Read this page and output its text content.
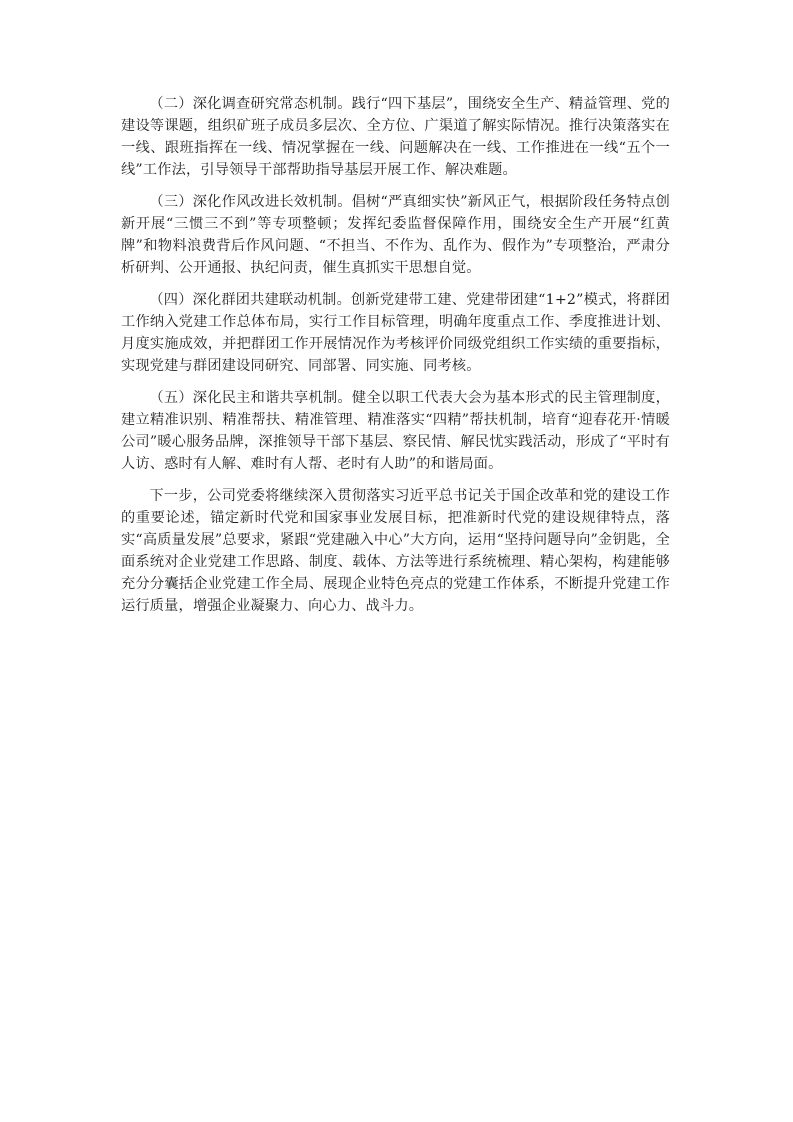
（二）深化调查研究常态机制。践行“四下基层”，围绕安全生产、精益管理、党的建设等课题，组织矿班子成员多层次、全方位、广渠道了解实际情况。推行决策落实在一线、跟班指挥在一线、情况掌握在一线、问题解决在一线、工作推进在一线“五个一线”工作法，引导领导干部帮助指导基层开展工作、解决难题。

（三）深化作风改进长效机制。倡树“严真细实快”新风正气，根据阶段任务特点创新开展“三惯三不到”等专项整顿；发挥纪委监督保障作用，围绕安全生产开展“红黄牌”和物料浪费背后作风问题、“不担当、不作为、乱作为、假作为”专项整治，严肃分析研判、公开通报、执纪问责，催生真抓实干思想自觉。

（四）深化群团共建联动机制。创新党建带工建、党建带团建“1+2”模式，将群团工作纳入党建工作总体布局，实行工作目标管理，明确年度重点工作、季度推进计划、月度实施成效，并把群团工作开展情况作为考核评价同级党组织工作实绩的重要指标，实现党建与群团建设同研究、同部署、同实施、同考核。

（五）深化民主和谐共享机制。健全以职工代表大会为基本形式的民主管理制度，建立精准识别、精准帮扶、精准管理、精准落实“四精”帮扶机制，培育“迎春花开·情暖公司”暖心服务品牌，深推领导干部下基层、察民情、解民忧实践活动，形成了“平时有人访、惑时有人解、难时有人帮、老时有人助”的和谐局面。

下一步，公司党委将继续深入贯彻落实习近平总书记关于国企改革和党的建设工作的重要论述，锚定新时代党和国家事业发展目标，把准新时代党的建设规律特点，落实“高质量发展”总要求，紧跟“党建融入中心”大方向，运用“坚持问题导向”金钥匙，全面系统对企业党建工作思路、制度、载体、方法等进行系统梳理、精心架构，构建能够充分分囊括企业党建工作全局、展现企业特色亮点的党建工作体系，不断提升党建工作运行质量，增强企业凝聚力、向心力、战斗力。
